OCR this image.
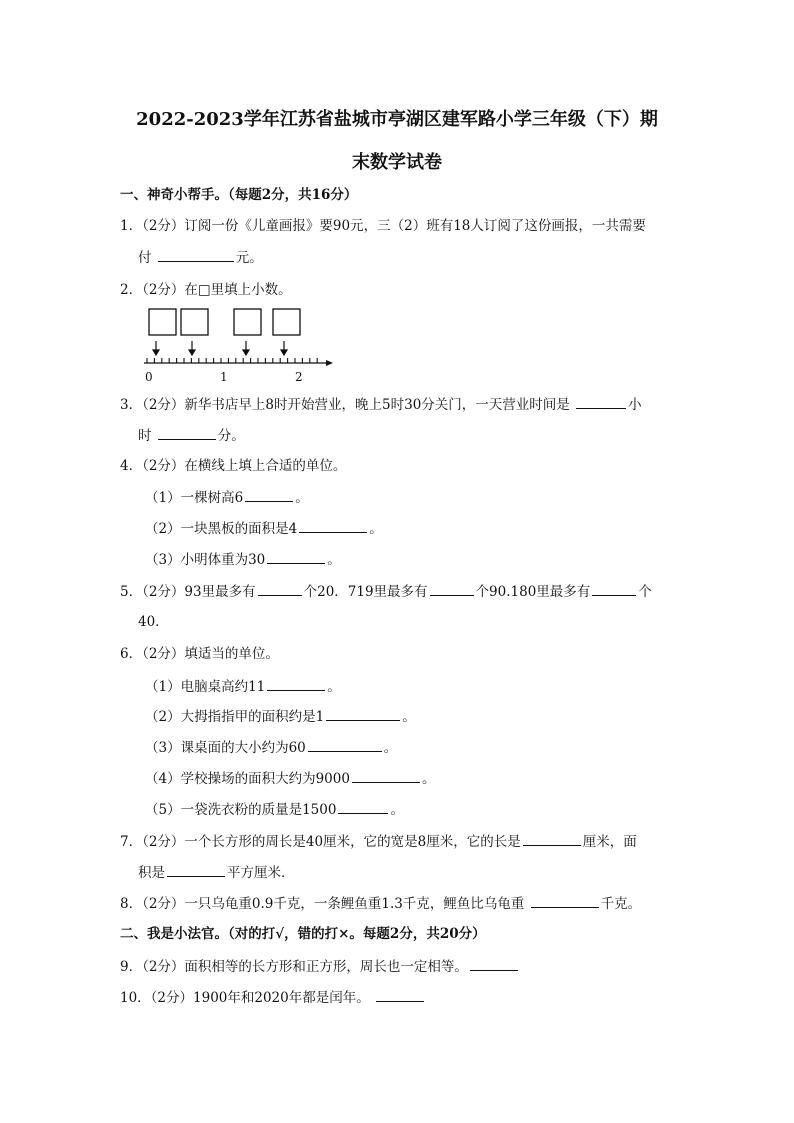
2022-2023学年江苏省盐城市亭湖区建军路小学三年级（下）期
末数学试卷
一、神奇小帮手。（每题2分，共16分）
1．（2分）订阅一份《儿童画报》要90元，三（2）班有18人订阅了这份画报，一共需要
付	元。
2．（2分）在□里填上小数。
0	1	2
3．（2分）新华书店早上8时开始营业，晚上5时30分关门，一天营业时间是	小
时	分。
4．（2分）在横线上填上合适的单位。
（1）一棵树高6	。
（2）一块黑板的面积是4	。
（3）小明体重为30	。
5．（2分）93里最多有	个20．719里最多有	个90.180里最多有	个
40．
6．（2分）填适当的单位。
（1）电脑桌高约11	。
（2）大拇指指甲的面积约是1	。
（3）课桌面的大小约为60	。
（4）学校操场的面积大约为9000	。
（5）一袋洗衣粉的质量是1500	。
7．（2分）一个长方形的周长是40厘米，它的宽是8厘米，它的长是	厘米，面
积是	平方厘米．
8．（2分）一只乌龟重0.9千克，一条鲤鱼重1.3千克，鲤鱼比乌龟重	千克。
二、我是小法官。（对的打√，错的打×。每题2分，共20分）
9．（2分）面积相等的长方形和正方形，周长也一定相等。
10．（2分）1900年和2020年都是闰年。
